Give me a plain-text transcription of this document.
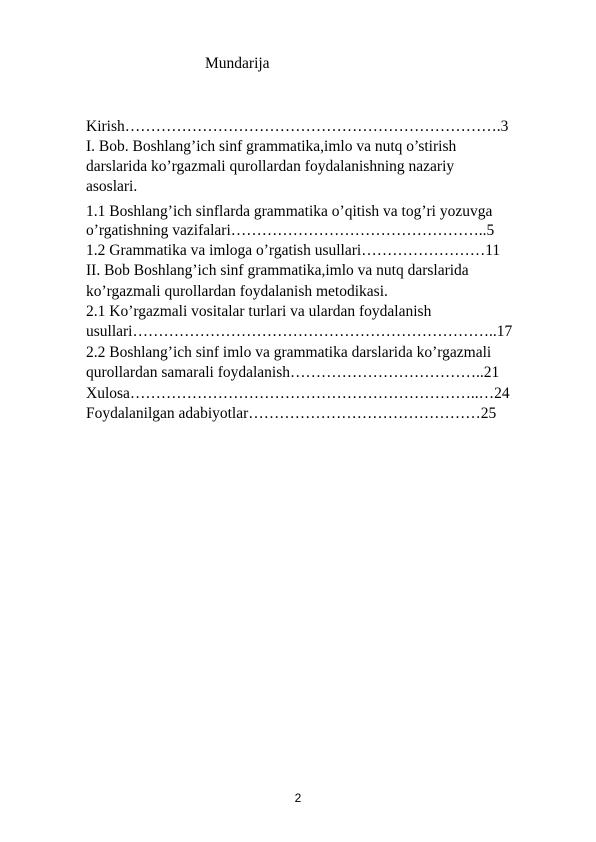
Mundarija
Kirish……………………………………………………………….3
I. Bob. Boshlang’ich sinf grammatika,imlo va nutq o’stirish
darslarida ko’rgazmali qurollardan foydalanishning nazariy
asoslari.
1.1 Boshlang’ich sinflarda grammatika o’qitish va tog’ri yozuvga
o’rgatishning vazifalari…………………………………………..5
1.2 Grammatika va imloga o’rgatish usullari……………………11
II. Bob Boshlang’ich sinf grammatika,imlo va nutq darslarida
ko’rgazmali qurollardan foydalanish metodikasi.
2.1 Ko’rgazmali vositalar turlari va ulardan foydalanish
usullari……………………………………………………………..17
2.2 Boshlang’ich sinf imlo va grammatika darslarida ko’rgazmali
qurollardan samarali foydalanish………………………………..21
Xulosa…………………………………………………………..…24
Foydalanilgan adabiyotlar………………………………………25
2
